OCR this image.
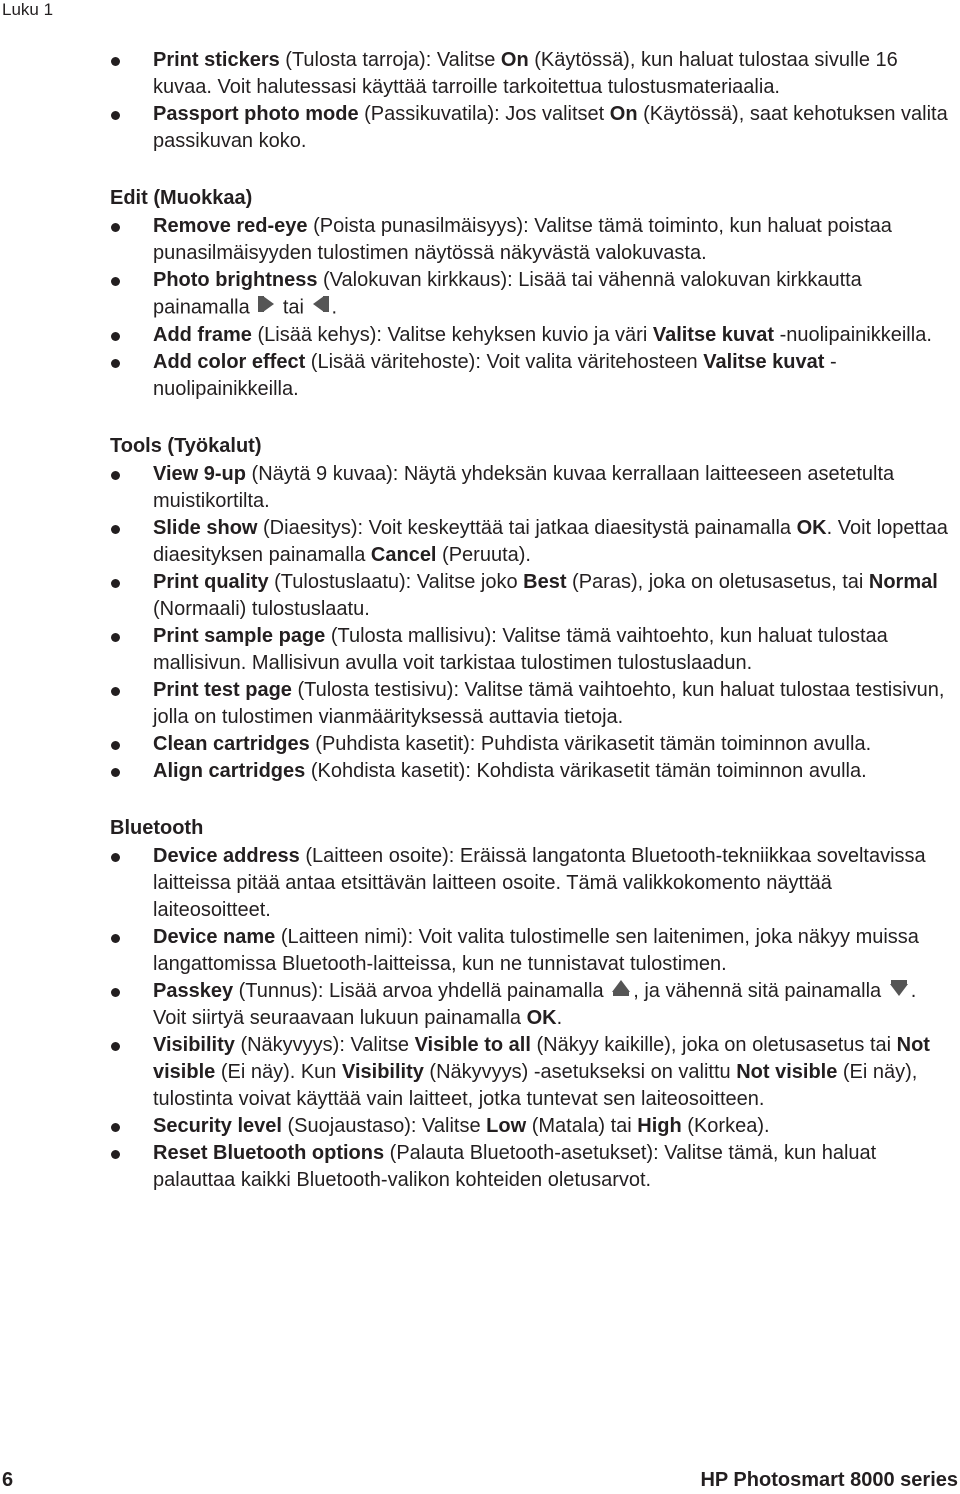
Luku 1
Print stickers (Tulosta tarroja): Valitse On (Käytössä), kun haluat tulostaa sivulle 16 kuvaa. Voit halutessasi käyttää tarroille tarkoitettua tulostusmateriaalia.
Passport photo mode (Passikuvatila): Jos valitset On (Käytössä), saat kehotuksen valita passikuvan koko.
Edit (Muokkaa)
Remove red-eye (Poista punasilmäisyys): Valitse tämä toiminto, kun haluat poistaa punasilmäisyyden tulostimen näytössä näkyvästä valokuvasta.
Photo brightness (Valokuvan kirkkaus): Lisää tai vähennä valokuvan kirkkautta painamalla  tai .
Add frame (Lisää kehys): Valitse kehyksen kuvio ja väri Valitse kuvat -nuolipainikkeilla.
Add color effect (Lisää väritehoste): Voit valita väritehosteen Valitse kuvat -nuolipainikkeilla.
Tools (Työkalut)
View 9-up (Näytä 9 kuvaa): Näytä yhdeksän kuvaa kerrallaan laitteeseen asetetulta muistikortilta.
Slide show (Diaesitys): Voit keskeyttää tai jatkaa diaesitystä painamalla OK. Voit lopettaa diaesityksen painamalla Cancel (Peruuta).
Print quality (Tulostuslaatu): Valitse joko Best (Paras), joka on oletusasetus, tai Normal (Normaali) tulostuslaatu.
Print sample page (Tulosta mallisivu): Valitse tämä vaihtoehto, kun haluat tulostaa mallisivun. Mallisivun avulla voit tarkistaa tulostimen tulostuslaadun.
Print test page (Tulosta testisivu): Valitse tämä vaihtoehto, kun haluat tulostaa testisivun, jolla on tulostimen vianmäärityksessä auttavia tietoja.
Clean cartridges (Puhdista kasetit): Puhdista värikasetit tämän toiminnon avulla.
Align cartridges (Kohdista kasetit): Kohdista värikasetit tämän toiminnon avulla.
Bluetooth
Device address (Laitteen osoite): Eräissä langatonta Bluetooth-tekniikkaa soveltavissa laitteissa pitää antaa etsittävän laitteen osoite. Tämä valikkokomento näyttää laiteosoitteet.
Device name (Laitteen nimi): Voit valita tulostimelle sen laitenimen, joka näkyy muissa langattomissa Bluetooth-laitteissa, kun ne tunnistavat tulostimen.
Passkey (Tunnus): Lisää arvoa yhdellä painamalla , ja vähennä sitä painamalla . Voit siirtyä seuraavaan lukuun painamalla OK.
Visibility (Näkyvyys): Valitse Visible to all (Näkyy kaikille), joka on oletusasetus tai Not visible (Ei näy). Kun Visibility (Näkyvyys) -asetukseksi on valittu Not visible (Ei näy), tulostinta voivat käyttää vain laitteet, jotka tuntevat sen laiteosoitteen.
Security level (Suojaustaso): Valitse Low (Matala) tai High (Korkea).
Reset Bluetooth options (Palauta Bluetooth-asetukset): Valitse tämä, kun haluat palauttaa kaikki Bluetooth-valikon kohteiden oletusarvot.
6	HP Photosmart 8000 series
